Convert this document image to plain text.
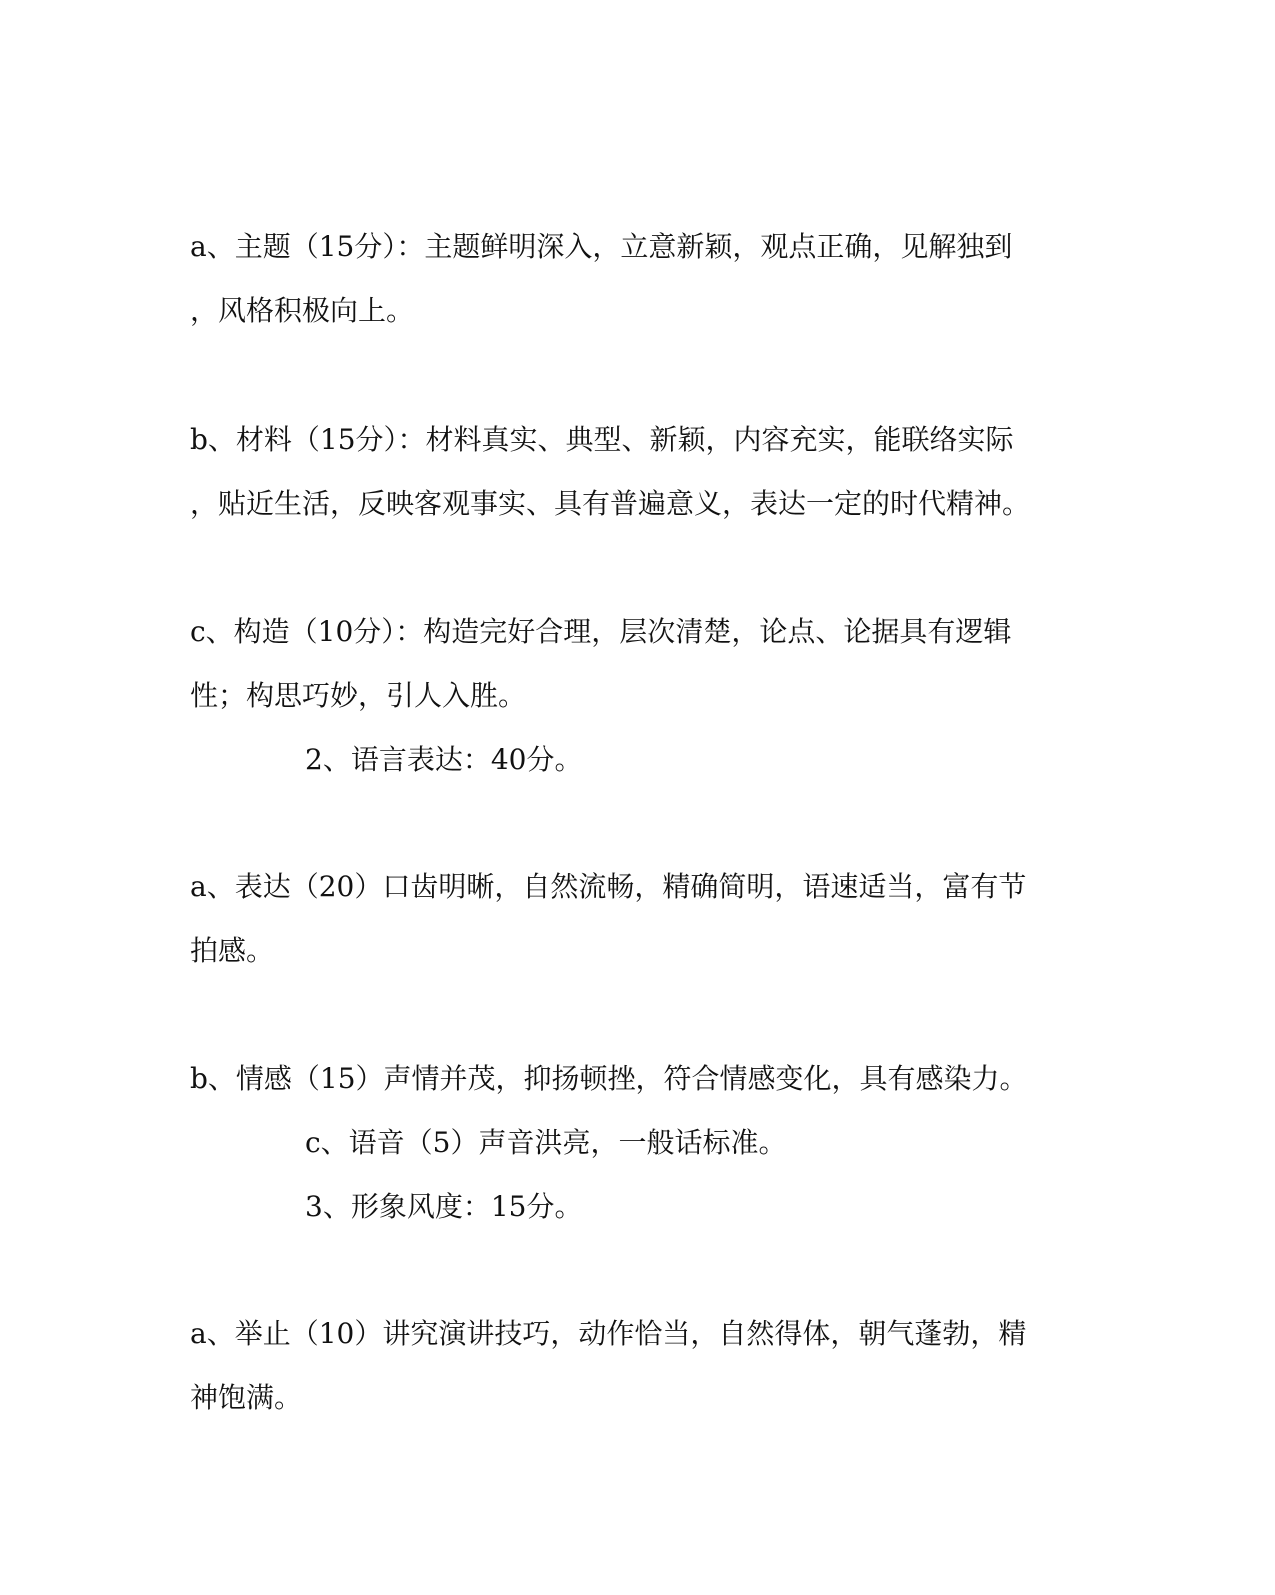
a、主题（15分）：主题鲜明深入，立意新颖，观点正确，见解独到
，风格积极向上。

b、材料（15分）：材料真实、典型、新颖，内容充实，能联络实际
，贴近生活，反映客观事实、具有普遍意义，表达一定的时代精神。

c、构造（10分）：构造完好合理，层次清楚，论点、论据具有逻辑
性；构思巧妙，引人入胜。

2、语言表达：40分。

a、表达（20）口齿明晰，自然流畅，精确简明，语速适当，富有节
拍感。

b、情感（15）声情并茂，抑扬顿挫，符合情感变化，具有感染力。

c、语音（5）声音洪亮，一般话标准。

3、形象风度：15分。

a、举止（10）讲究演讲技巧，动作恰当，自然得体，朝气蓬勃，精
神饱满。
